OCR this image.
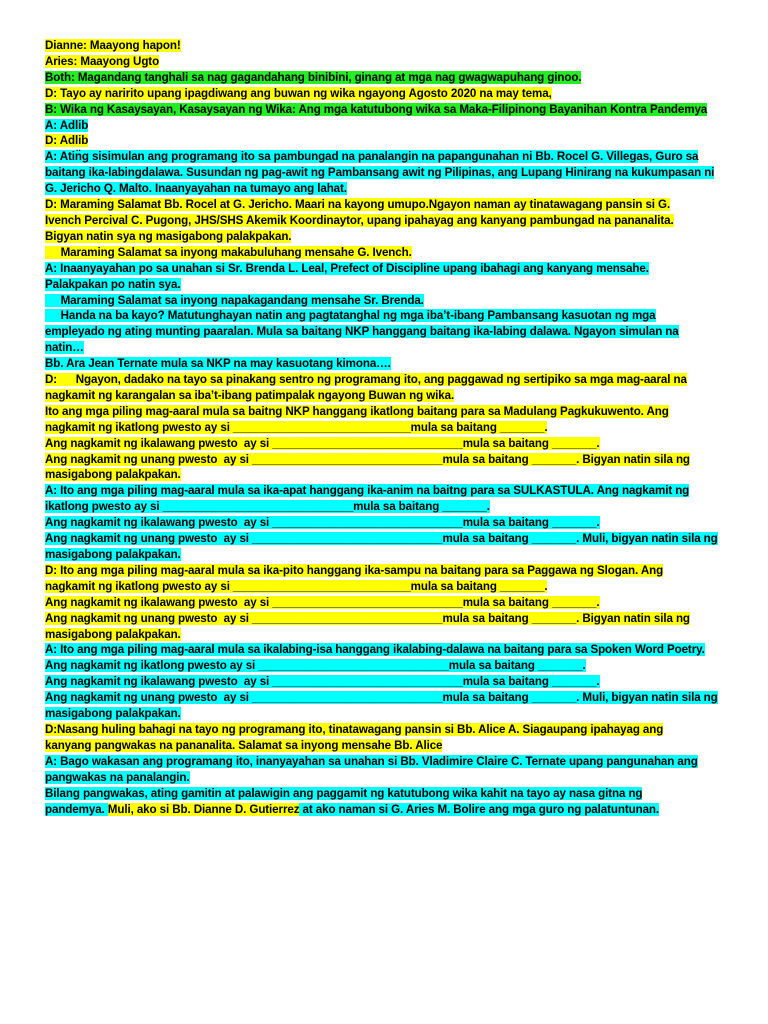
Dianne: Maayong hapon!
Aries: Maayong Ugto
Both: Magandang tanghali sa nag gagandahang binibini, ginang at mga nag gwagwapuhang ginoo.
D: Tayo ay naririto upang ipagdiwang ang buwan ng wika ngayong Agosto 2020 na may tema,
B: Wika ng Kasaysayan, Kasaysayan ng Wika: Ang mga katutubong wika sa Maka-Filipinong Bayanihan Kontra Pandemya
A: Adlib
D: Adlib
A: Atin̈g sisimulan ang programang ito sa pambungad na panalangin na papangunahan ni Bb. Rocel G. Villegas, Guro sa
baitang ika-labingdalawa. Susundan ng pag-awit ng Pambansang awit ng Pilipinas, ang Lupang Hinirang na kukumpasan ni
G. Jericho Q. Malto. Inaanyayahan na tumayo ang lahat.
D: Maraming Salamat Bb. Rocel at G. Jericho. Maari na kayong umupo.Ngayon naman ay tinatawagang pansin si G.
Ivench Percival C. Pugong, JHS/SHS Akemik Koordinaytor, upang ipahayag ang kanyang pambungad na pananalita.
Bigyan natin sya ng masigabong palakpakan.
Maraming Salamat sa inyong makabuluhang mensahe G. Ivench.
A: Inaanyayahan po sa unahan si Sr. Brenda L. Leal, Prefect of Discipline upang ibahagi ang kanyang mensahe.
Palakpakan po natin sya.
Maraming Salamat sa inyong napakagandang mensahe Sr. Brenda.
Handa na ba kayo? Matutunghayan natin ang pagtatanghal ng mga iba’t-ibang Pambansang kasuotan ng mga
empleyado ng ating munting paaralan. Mula sa baitang NKP hanggang baitang ika-labing dalawa. Ngayon simulan na
natin…
Bb. Ara Jean Ternate mula sa NKP na may kasuotang kimona….
D:      Ngayon, dadako na tayo sa pinakang sentro ng programang ito, ang paggawad ng sertipiko sa mga mag-aaral na
nagkamit ng karangalan sa iba’t-ibang patimpalak ngayong Buwan ng wika.
Ito ang mga piling mag-aaral mula sa baitng NKP hanggang ikatlong baitang para sa Madulang Pagkukuwento. Ang
nagkamit ng ikatlong pwesto ay si ____________________________mula sa baitang _______.
Ang nagkamit ng ikalawang pwesto  ay si ______________________________mula sa baitang _______.
Ang nagkamit ng unang pwesto  ay si ______________________________mula sa baitang _______. Bigyan natin sila ng
masigabong palakpakan.
A: Ito ang mga piling mag-aaral mula sa ika-apat hanggang ika-anim na baitng para sa SULKASTULA. Ang nagkamit ng
ikatlong pwesto ay si ______________________________mula sa baitang _______.
Ang nagkamit ng ikalawang pwesto  ay si ______________________________mula sa baitang _______.
Ang nagkamit ng unang pwesto  ay si ______________________________mula sa baitang _______. Muli, bigyan natin sila ng
masigabong palakpakan.
D: Ito ang mga piling mag-aaral mula sa ika-pito hanggang ika-sampu na baitang para sa Paggawa ng Slogan. Ang
nagkamit ng ikatlong pwesto ay si ____________________________mula sa baitang _______.
Ang nagkamit ng ikalawang pwesto  ay si ______________________________mula sa baitang _______.
Ang nagkamit ng unang pwesto  ay si ______________________________mula sa baitang _______. Bigyan natin sila ng
masigabong palakpakan.
A: Ito ang mga piling mag-aaral mula sa ikalabing-isa hanggang ikalabing-dalawa na baitang para sa Spoken Word Poetry.
Ang nagkamit ng ikatlong pwesto ay si ______________________________mula sa baitang _______.
Ang nagkamit ng ikalawang pwesto  ay si ______________________________mula sa baitang _______.
Ang nagkamit ng unang pwesto  ay si ______________________________mula sa baitang _______. Muli, bigyan natin sila ng
masigabong palakpakan.
D:Nasang huling bahagi na tayo ng programang ito, tinatawagang pansin si Bb. Alice A. Siagaupang ipahayag ang
kanyang pangwakas na pananalita. Salamat sa inyong mensahe Bb. Alice
A: Bago wakasan ang programang ito, inanyayahan sa unahan si Bb. Vladimire Claire C. Ternate upang pangunahan ang
pangwakas na panalangin.
Bilang pangwakas, ating gamitin at palawigin ang paggamit ng katutubong wika kahit na tayo ay nasa gitna ng
pandemya. Muli, ako si Bb. Dianne D. Gutierrez at ako naman si G. Aries M. Bolire ang mga guro ng palatuntunan.
